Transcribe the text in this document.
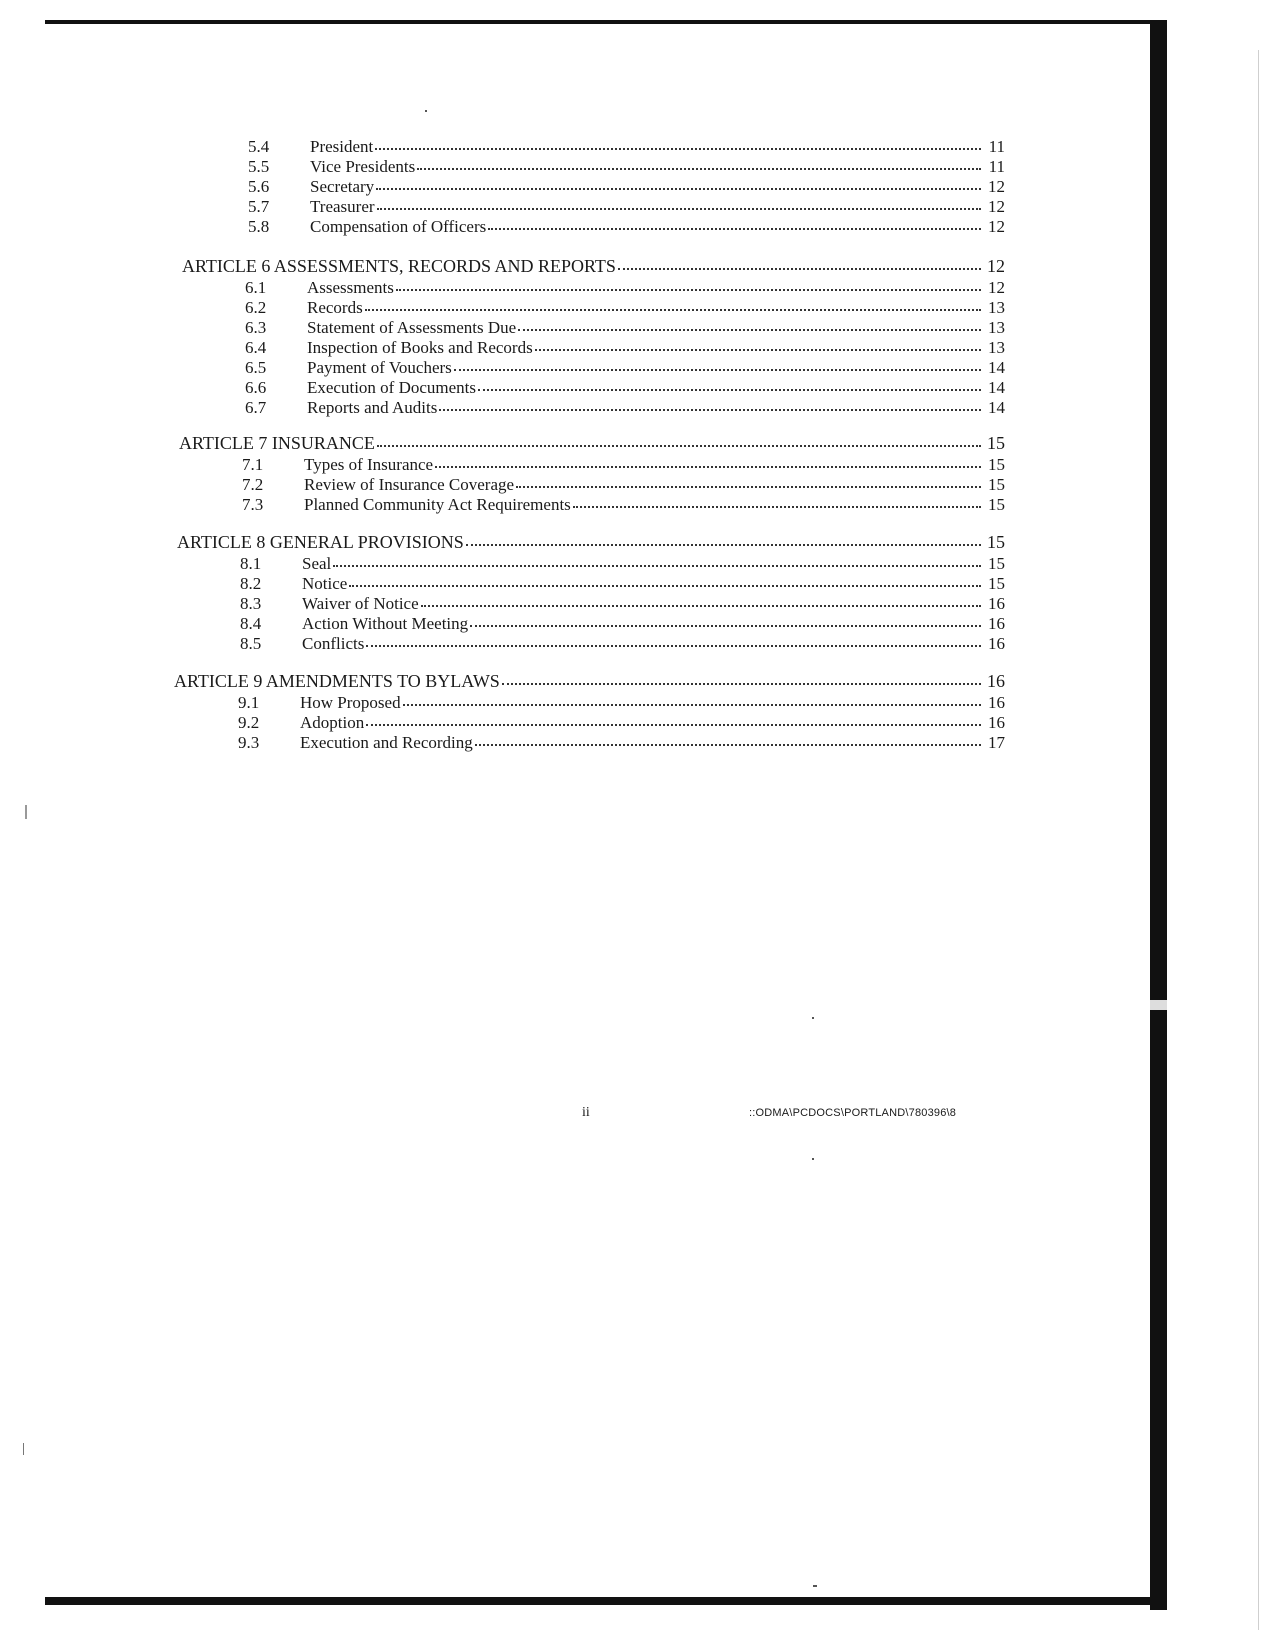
5.4	President	11
5.5	Vice Presidents	11
5.6	Secretary	12
5.7	Treasurer	12
5.8	Compensation of Officers	12
ARTICLE 6 ASSESSMENTS, RECORDS AND REPORTS	12
6.1	Assessments	12
6.2	Records	13
6.3	Statement of Assessments Due	13
6.4	Inspection of Books and Records	13
6.5	Payment of Vouchers	14
6.6	Execution of Documents	14
6.7	Reports and Audits	14
ARTICLE 7 INSURANCE	15
7.1	Types of Insurance	15
7.2	Review of Insurance Coverage	15
7.3	Planned Community Act Requirements	15
ARTICLE 8 GENERAL PROVISIONS	15
8.1	Seal	15
8.2	Notice	15
8.3	Waiver of Notice	16
8.4	Action Without Meeting	16
8.5	Conflicts	16
ARTICLE 9 AMENDMENTS TO BYLAWS	16
9.1	How Proposed	16
9.2	Adoption	16
9.3	Execution and Recording	17
ii	::ODMA\PCDOCS\PORTLAND\780396\8
